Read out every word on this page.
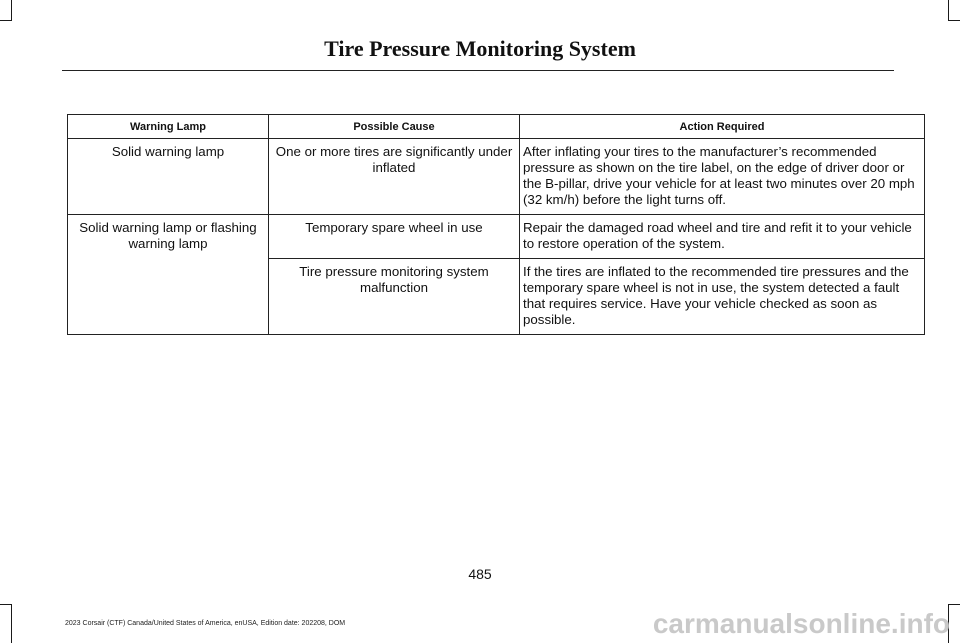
Tire Pressure Monitoring System
Warning Lamp	Possible Cause	Action Required
Solid warning lamp	One or more tires are significantly under inflated	After inflating your tires to the manufacturer’s recommended pressure as shown on the tire label, on the edge of driver door or the B-pillar, drive your vehicle for at least two minutes over 20 mph (32 km/h) before the light turns off.
Solid warning lamp or flashing warning lamp	Temporary spare wheel in use	Repair the damaged road wheel and tire and refit it to your vehicle to restore operation of the system.
	Tire pressure monitoring system malfunction	If the tires are inflated to the recommended tire pressures and the temporary spare wheel is not in use, the system detected a fault that requires service. Have your vehicle checked as soon as possible.
485
2023 Corsair (CTF) Canada/United States of America, enUSA, Edition date: 202208, DOM	carmanualsonline.info
